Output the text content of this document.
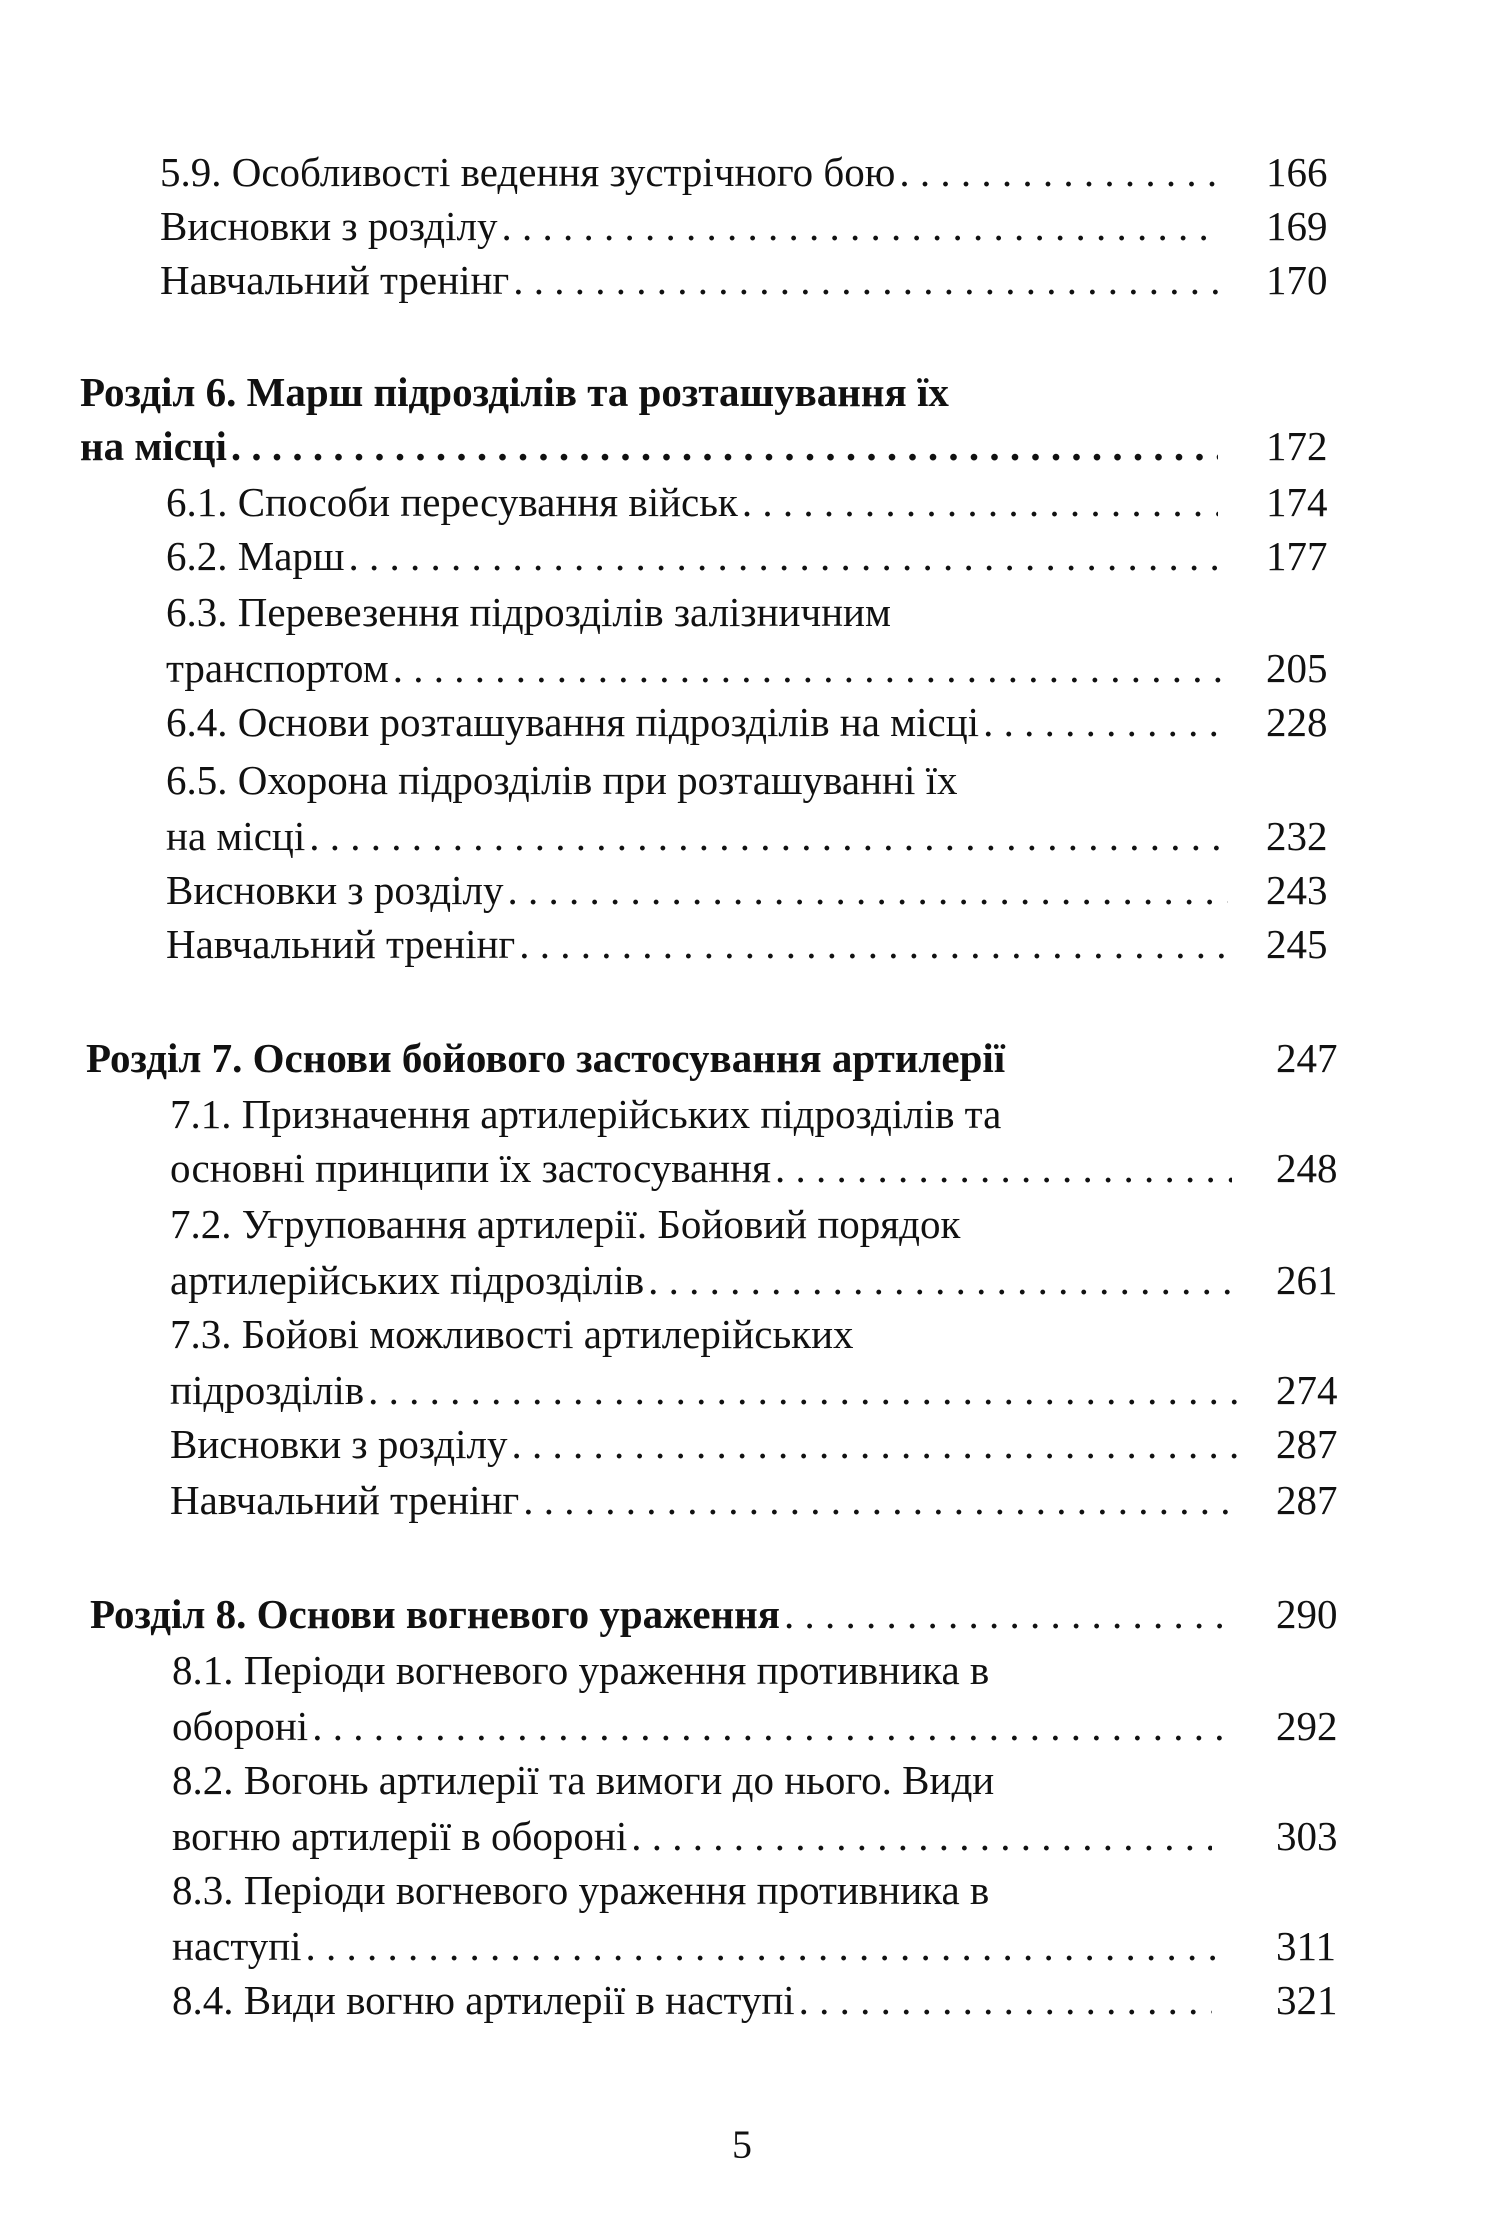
5.9. Особливості ведення зустрічного бою . . .	166
Висновки з розділу . . .	169
Навчальний тренінг . . .	170
Розділ 6. Марш підрозділів та розташування їх
на місці . . .	172
6.1. Способи пересування військ . . .	174
6.2. Марш . . .	177
6.3. Перевезення підрозділів залізничним
транспортом . . .	205
6.4. Основи розташування підрозділів на місці . . .	228
6.5. Охорона підрозділів при розташуванні їх
на місці . . .	232
Висновки з розділу . . .	243
Навчальний тренінг . . .	245
Розділ 7. Основи бойового застосування артилерії	247
7.1. Призначення артилерійських підрозділів та
основні принципи їх застосування . . .	248
7.2. Угруповання артилерії. Бойовий порядок
артилерійських підрозділів . . .	261
7.3. Бойові можливості артилерійських
підрозділів . . .	274
Висновки з розділу . . .	287
Навчальний тренінг . . .	287
Розділ 8. Основи вогневого ураження . . .	290
8.1. Періоди вогневого ураження противника в
обороні . . .	292
8.2. Вогонь артилерії та вимоги до нього. Види
вогню артилерії в обороні . . .	303
8.3. Періоди вогневого ураження противника в
наступі . . .	311
8.4. Види вогню артилерії в наступі . . .	321
5
